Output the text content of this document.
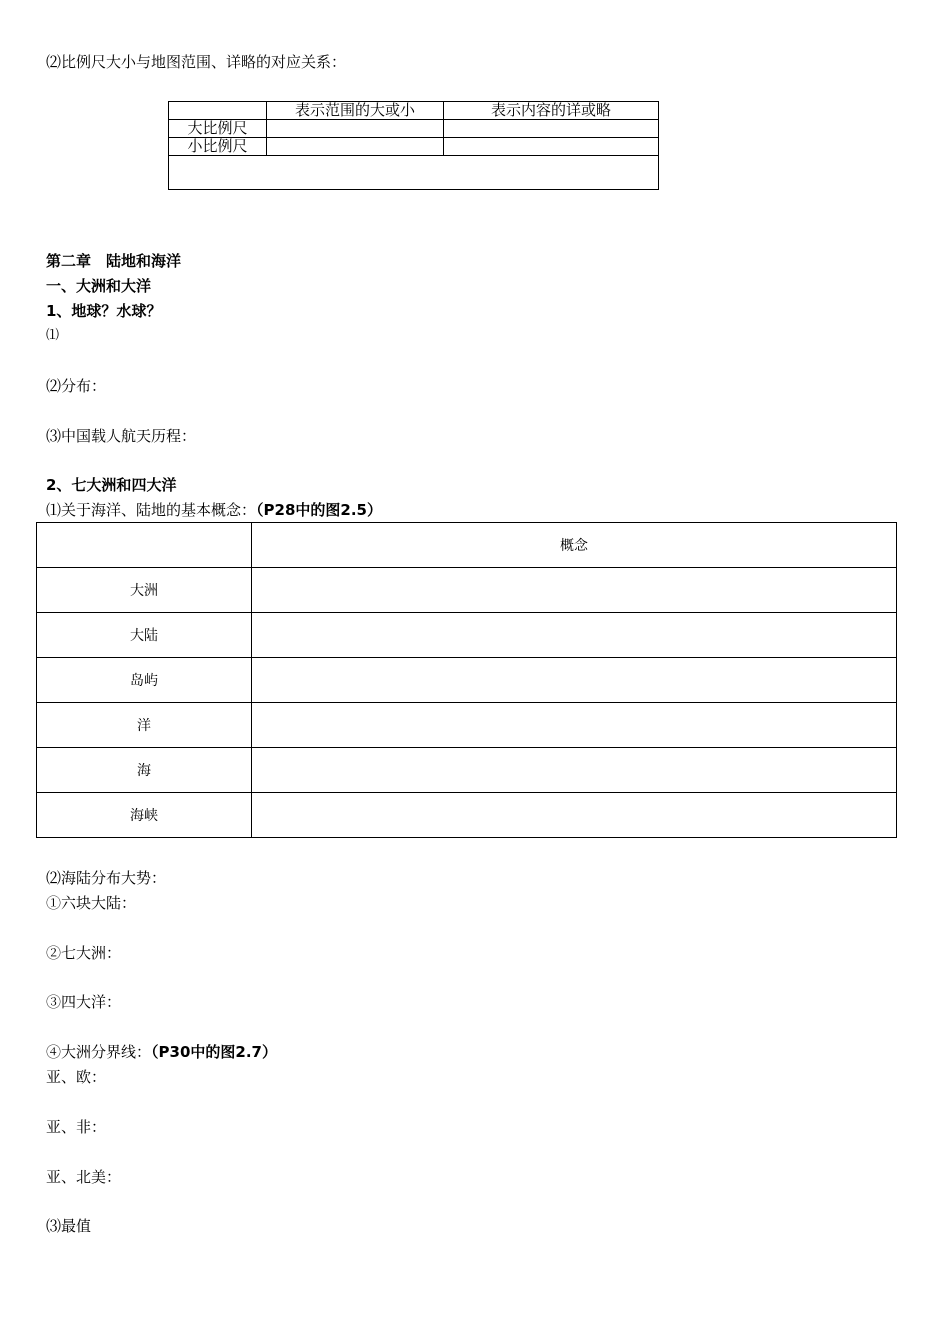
⑵比例尺大小与地图范围、详略的对应关系：
	表示范围的大或小	表示内容的详或略
大比例尺		
小比例尺		

第二章　陆地和海洋
一、大洲和大洋
1、地球？水球？
⑴
⑵分布：
⑶中国载人航天历程：
2、七大洲和四大洋
⑴关于海洋、陆地的基本概念：（P28中的图2.5）
	概念
大洲	
大陆	
岛屿	
洋	
海	
海峡	
⑵海陆分布大势：
①六块大陆：
②七大洲：
③四大洋：
④大洲分界线：（P30中的图2.7）
亚、欧：
亚、非：
亚、北美：
⑶最值
